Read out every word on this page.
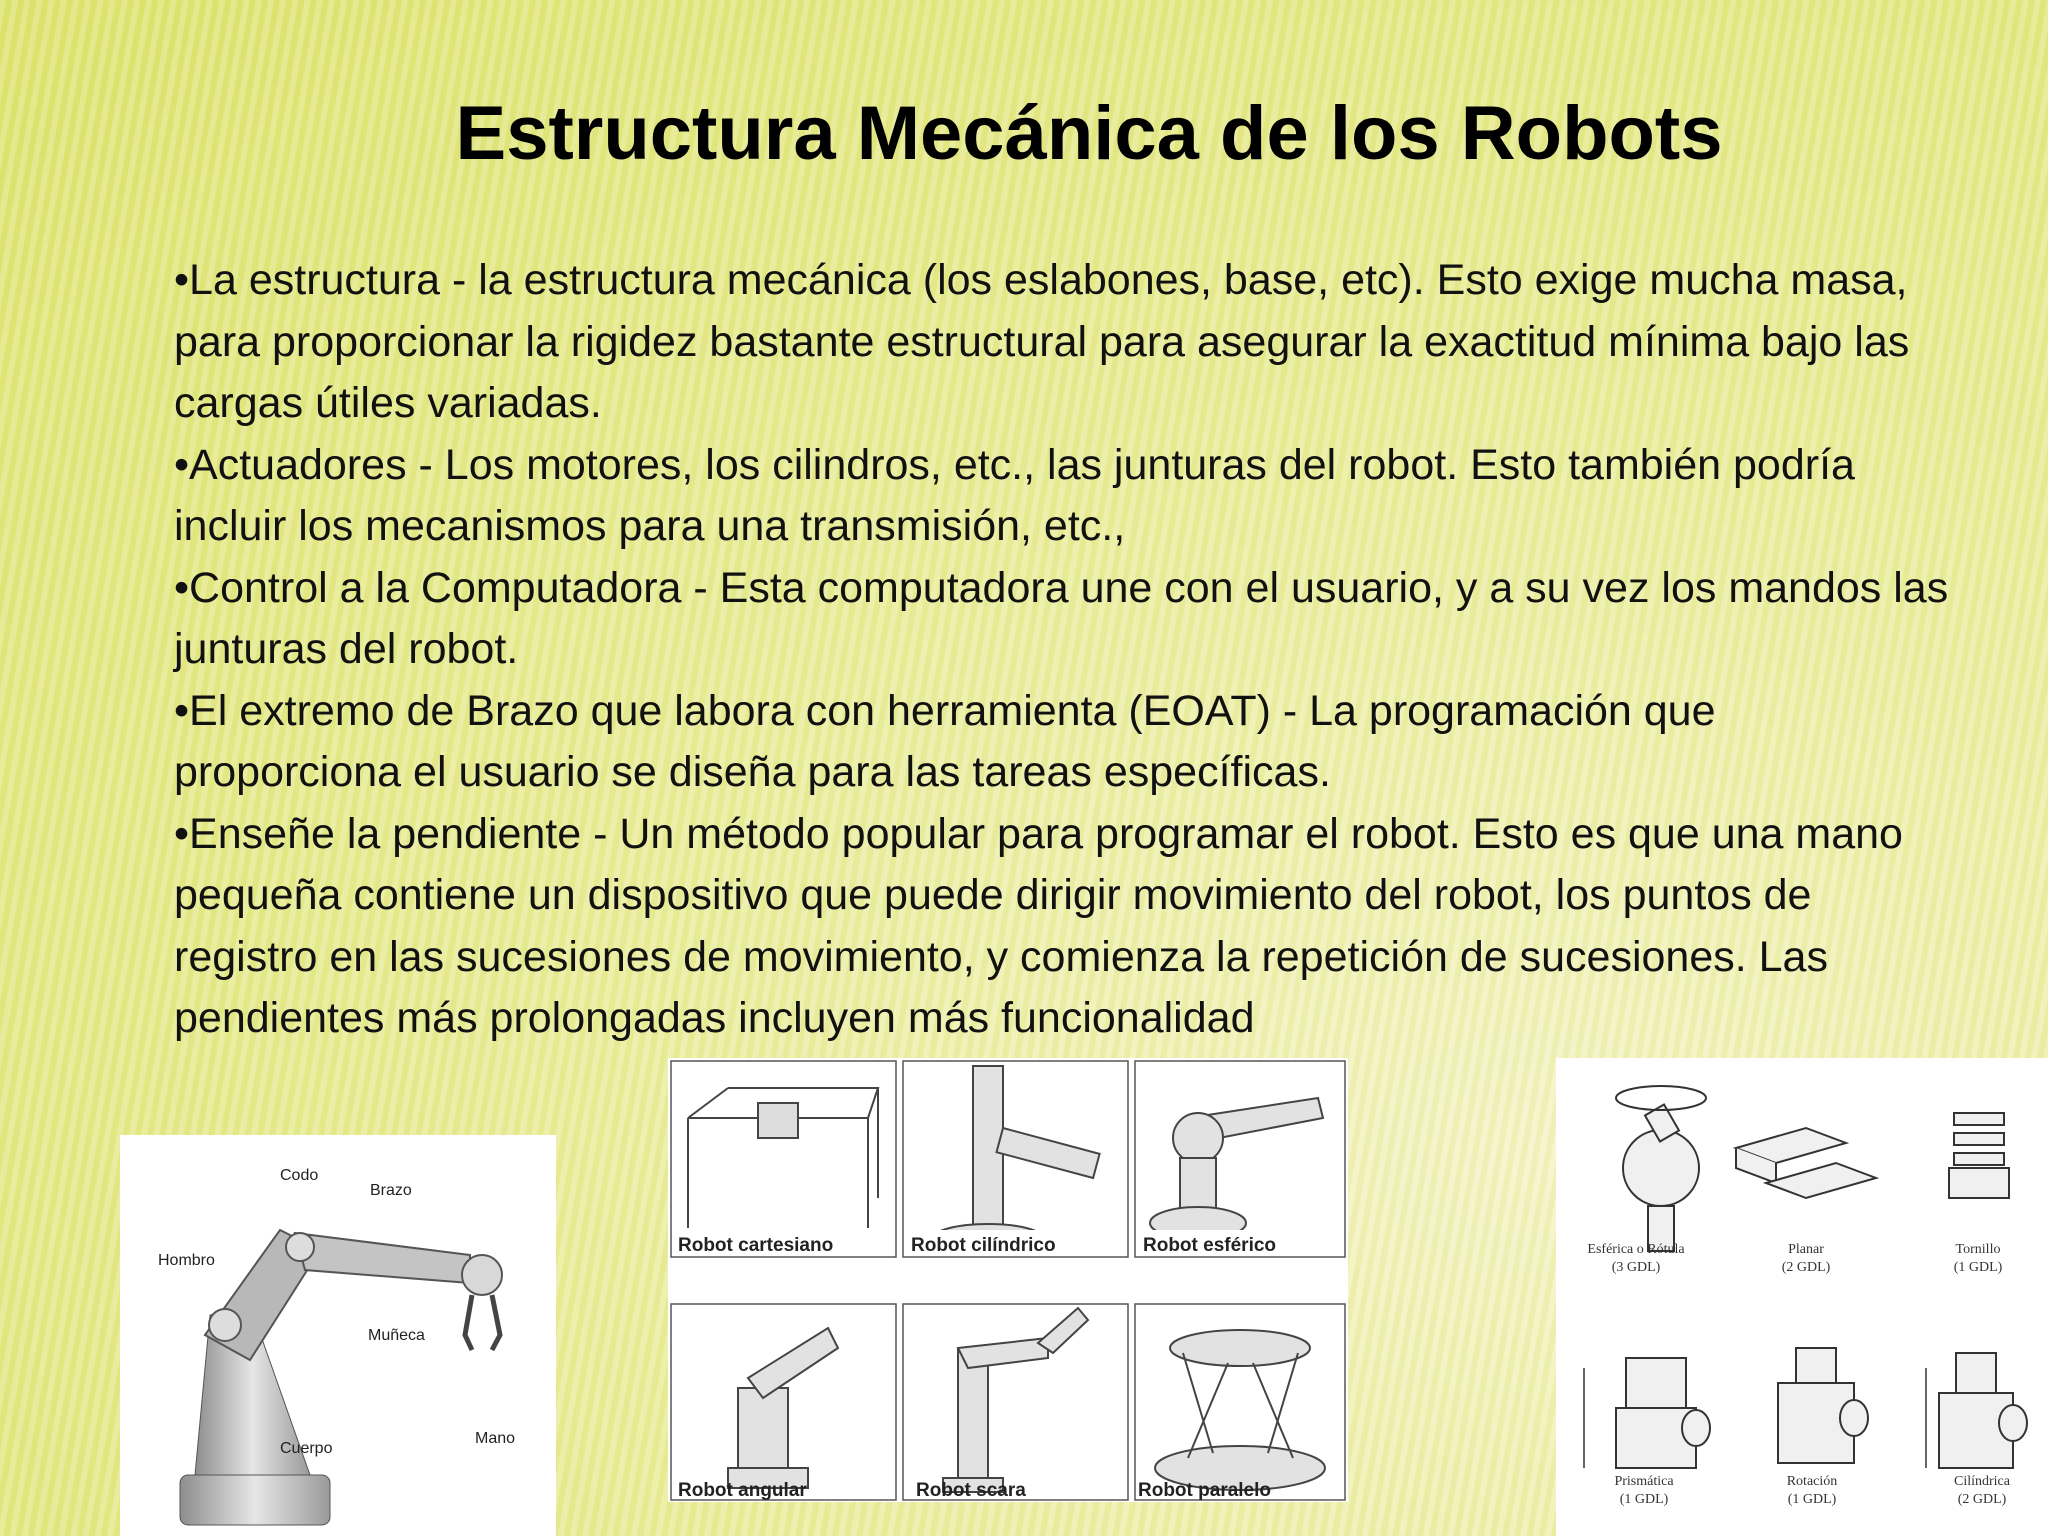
Estructura Mecánica de los Robots

•La estructura - la estructura mecánica (los eslabones, base, etc). Esto exige mucha masa, para proporcionar la rigidez bastante estructural para asegurar la exactitud mínima bajo las cargas útiles variadas.

•Actuadores - Los motores, los cilindros, etc., las junturas del robot. Esto también podría incluir los mecanismos para una transmisión, etc.,

•Control a la Computadora - Esta computadora une con el usuario, y a su vez los mandos las junturas del robot.

•El extremo de Brazo que labora con herramienta (EOAT) - La programación que proporciona el usuario se diseña para las tareas específicas.

•Enseñe la pendiente - Un método popular para programar el robot. Esto es que una mano pequeña contiene un dispositivo que puede dirigir movimiento del robot, los puntos de registro en las sucesiones de movimiento, y comienza la repetición de sucesiones. Las pendientes más prolongadas incluyen más funcionalidad

Codo
Brazo
Hombro
Muñeca
Cuerpo
Mano
Robot cartesiano	Robot cilíndrico	Robot esférico
Robot angular	Robot scara	Robot paralelo
Esférica o Rótula
(3 GDL)
Planar
(2 GDL)
Tornillo
(1 GDL)
Prismática
(1 GDL)
Rotación
(1 GDL)
Cilíndrica
(2 GDL)
